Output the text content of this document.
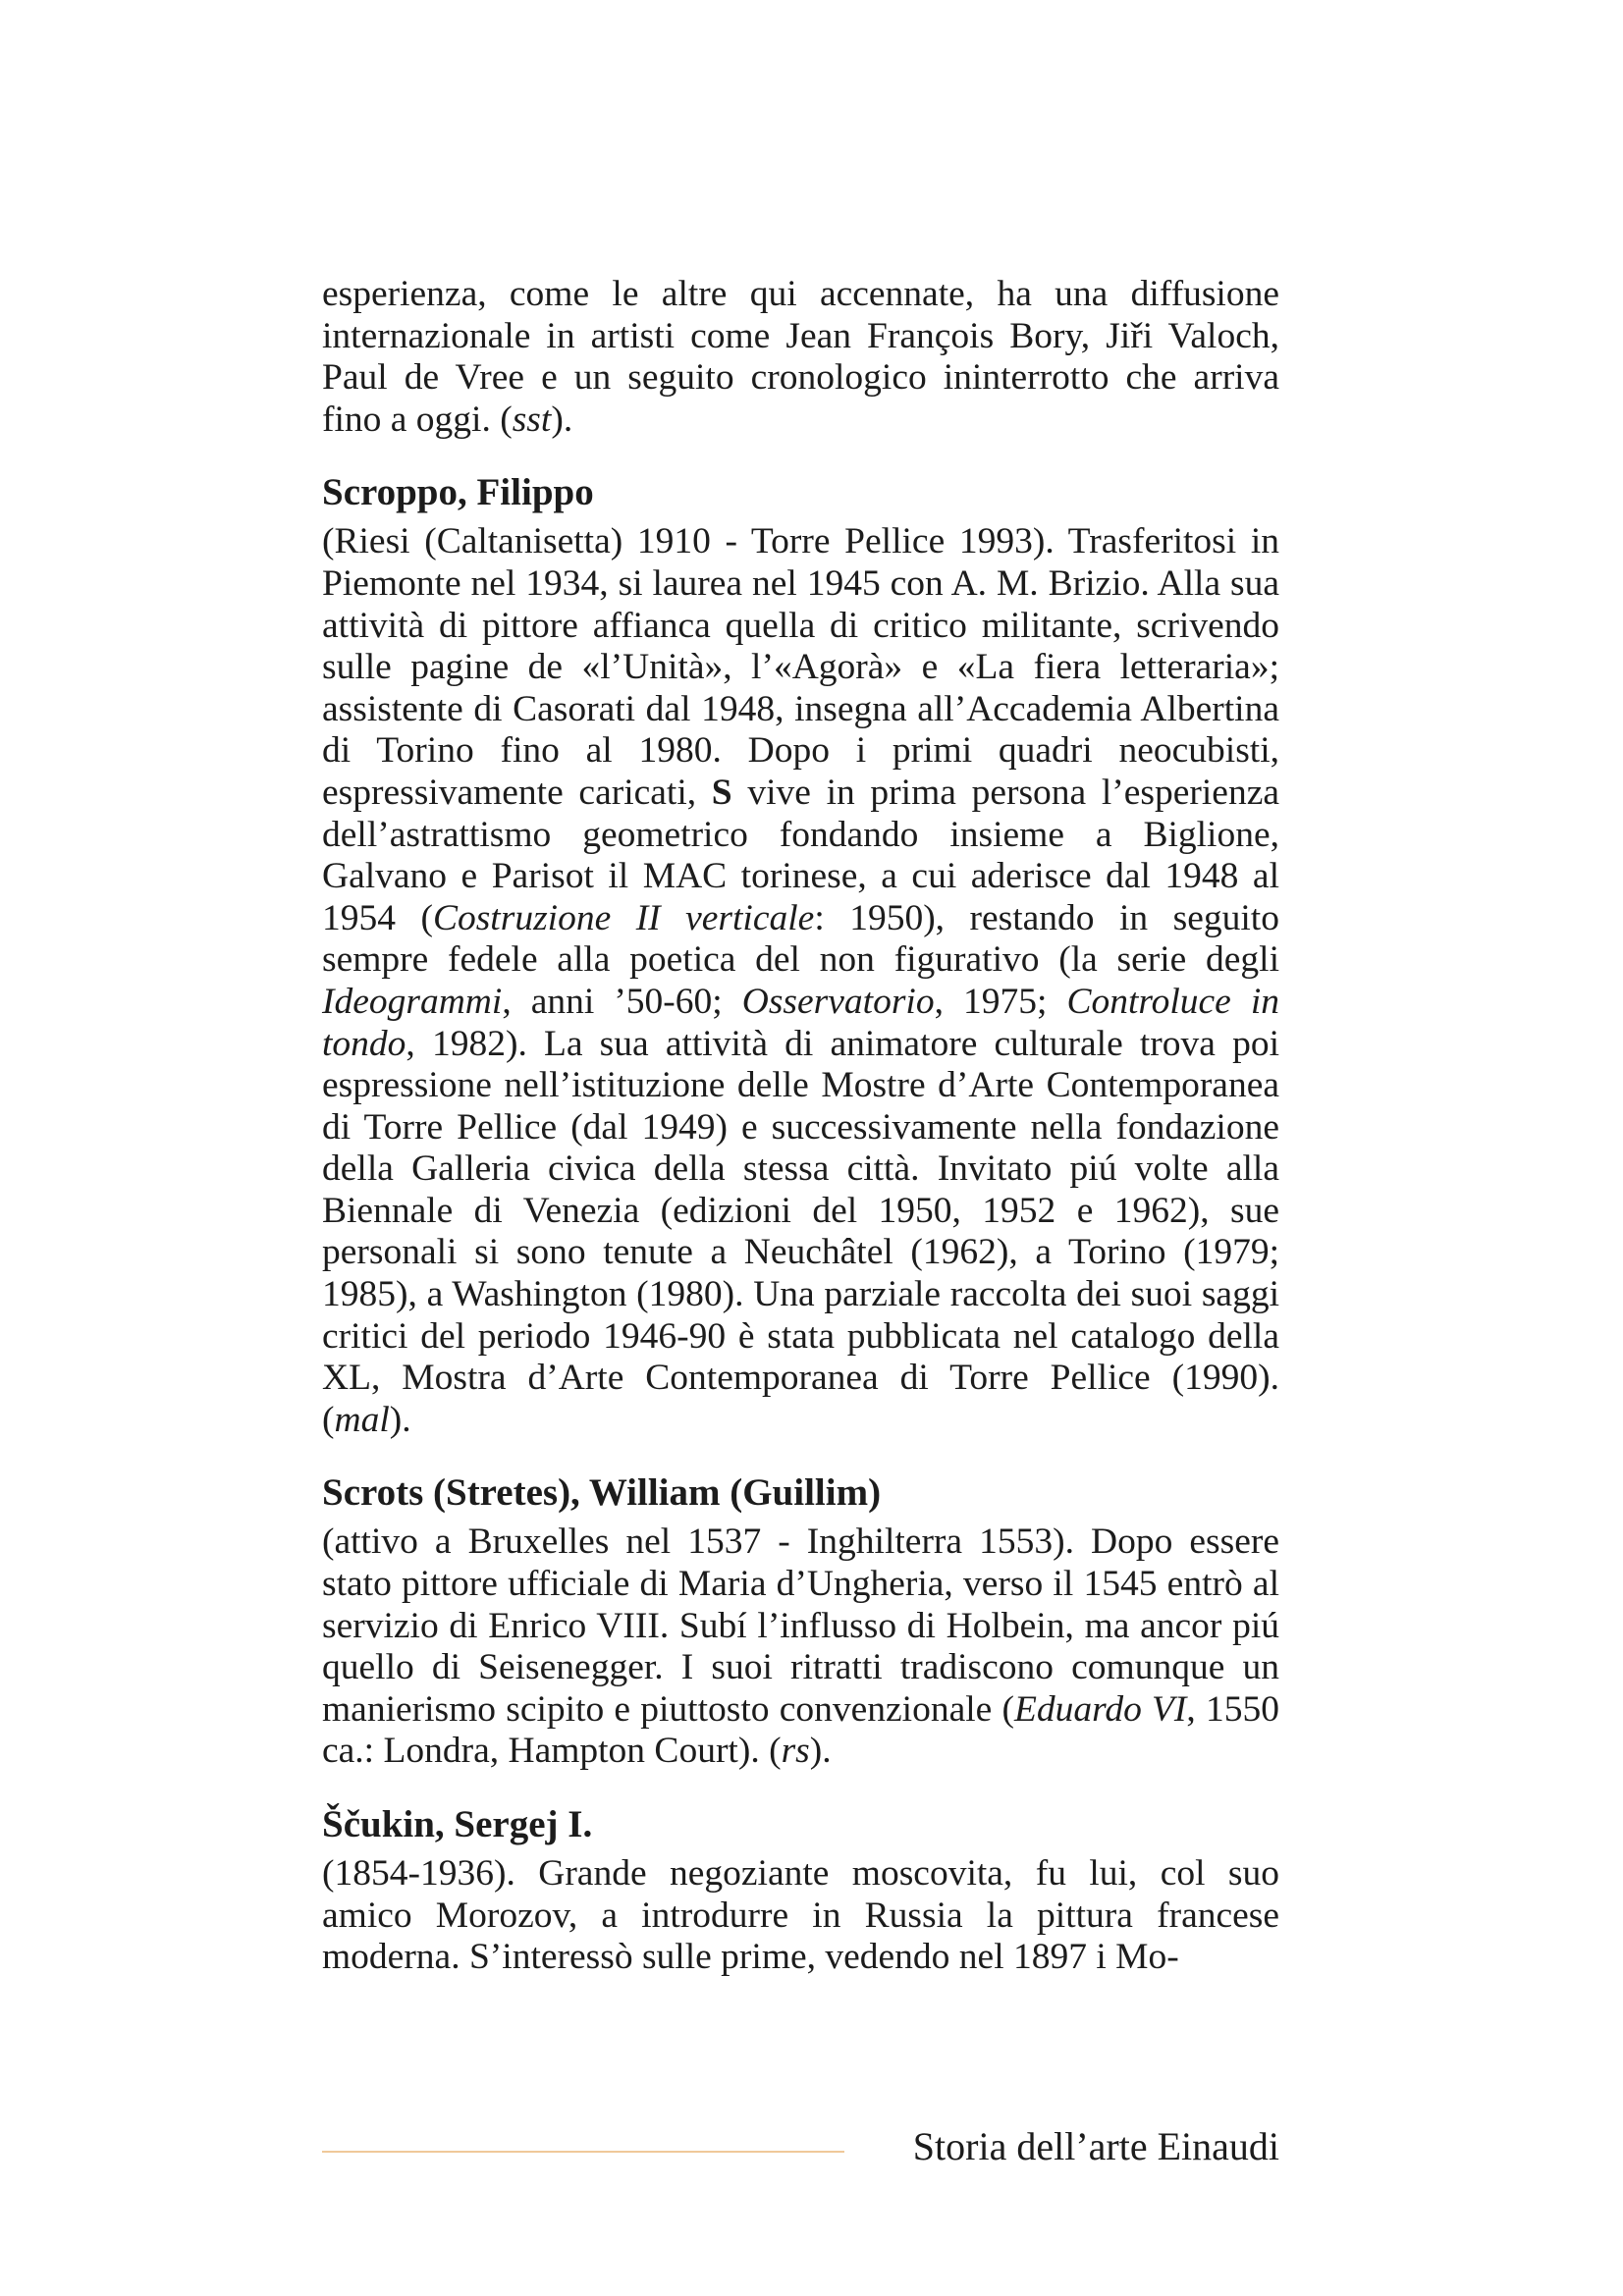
esperienza, come le altre qui accennate, ha una diffusione internazionale in artisti come Jean François Bory, Jiři Valoch, Paul de Vree e un seguito cronologico ininterrotto che arriva fino a oggi. (sst).

Scroppo, Filippo

(Riesi (Caltanisetta) 1910 - Torre Pellice 1993). Trasferitosi in Piemonte nel 1934, si laurea nel 1945 con A. M. Brizio. Alla sua attività di pittore affianca quella di critico militante, scrivendo sulle pagine de «l’Unità», l’«Agorà» e «La fiera letteraria»; assistente di Casorati dal 1948, insegna all’Accademia Albertina di Torino fino al 1980. Dopo i primi quadri neocubisti, espressivamente caricati, S vive in prima persona l’esperienza dell’astrattismo geometrico fondando insieme a Biglione, Galvano e Parisot il MAC torinese, a cui aderisce dal 1948 al 1954 (Costruzione II verticale: 1950), restando in seguito sempre fedele alla poetica del non figurativo (la serie degli Ideogrammi, anni ’50-60; Osservatorio, 1975; Controluce in tondo, 1982). La sua attività di animatore culturale trova poi espressione nell’istituzione delle Mostre d’Arte Contemporanea di Torre Pellice (dal 1949) e successivamente nella fondazione della Galleria civica della stessa città. Invitato piú volte alla Biennale di Venezia (edizioni del 1950, 1952 e 1962), sue personali si sono tenute a Neuchâtel (1962), a Torino (1979; 1985), a Washington (1980). Una parziale raccolta dei suoi saggi critici del periodo 1946-90 è stata pubblicata nel catalogo della XL, Mostra d’Arte Contemporanea di Torre Pellice (1990). (mal).

Scrots (Stretes), William (Guillim)

(attivo a Bruxelles nel 1537 - Inghilterra 1553). Dopo essere stato pittore ufficiale di Maria d’Ungheria, verso il 1545 entrò al servizio di Enrico VIII. Subí l’influsso di Holbein, ma ancor piú quello di Seisenegger. I suoi ritratti tradiscono comunque un manierismo scipito e piuttosto convenzionale (Eduardo VI, 1550 ca.: Londra, Hampton Court). (rs).

Ščukin, Sergej I.

(1854-1936). Grande negoziante moscovita, fu lui, col suo amico Morozov, a introdurre in Russia la pittura francese moderna. S’interessò sulle prime, vedendo nel 1897 i Mo-

Storia dell’arte Einaudi
